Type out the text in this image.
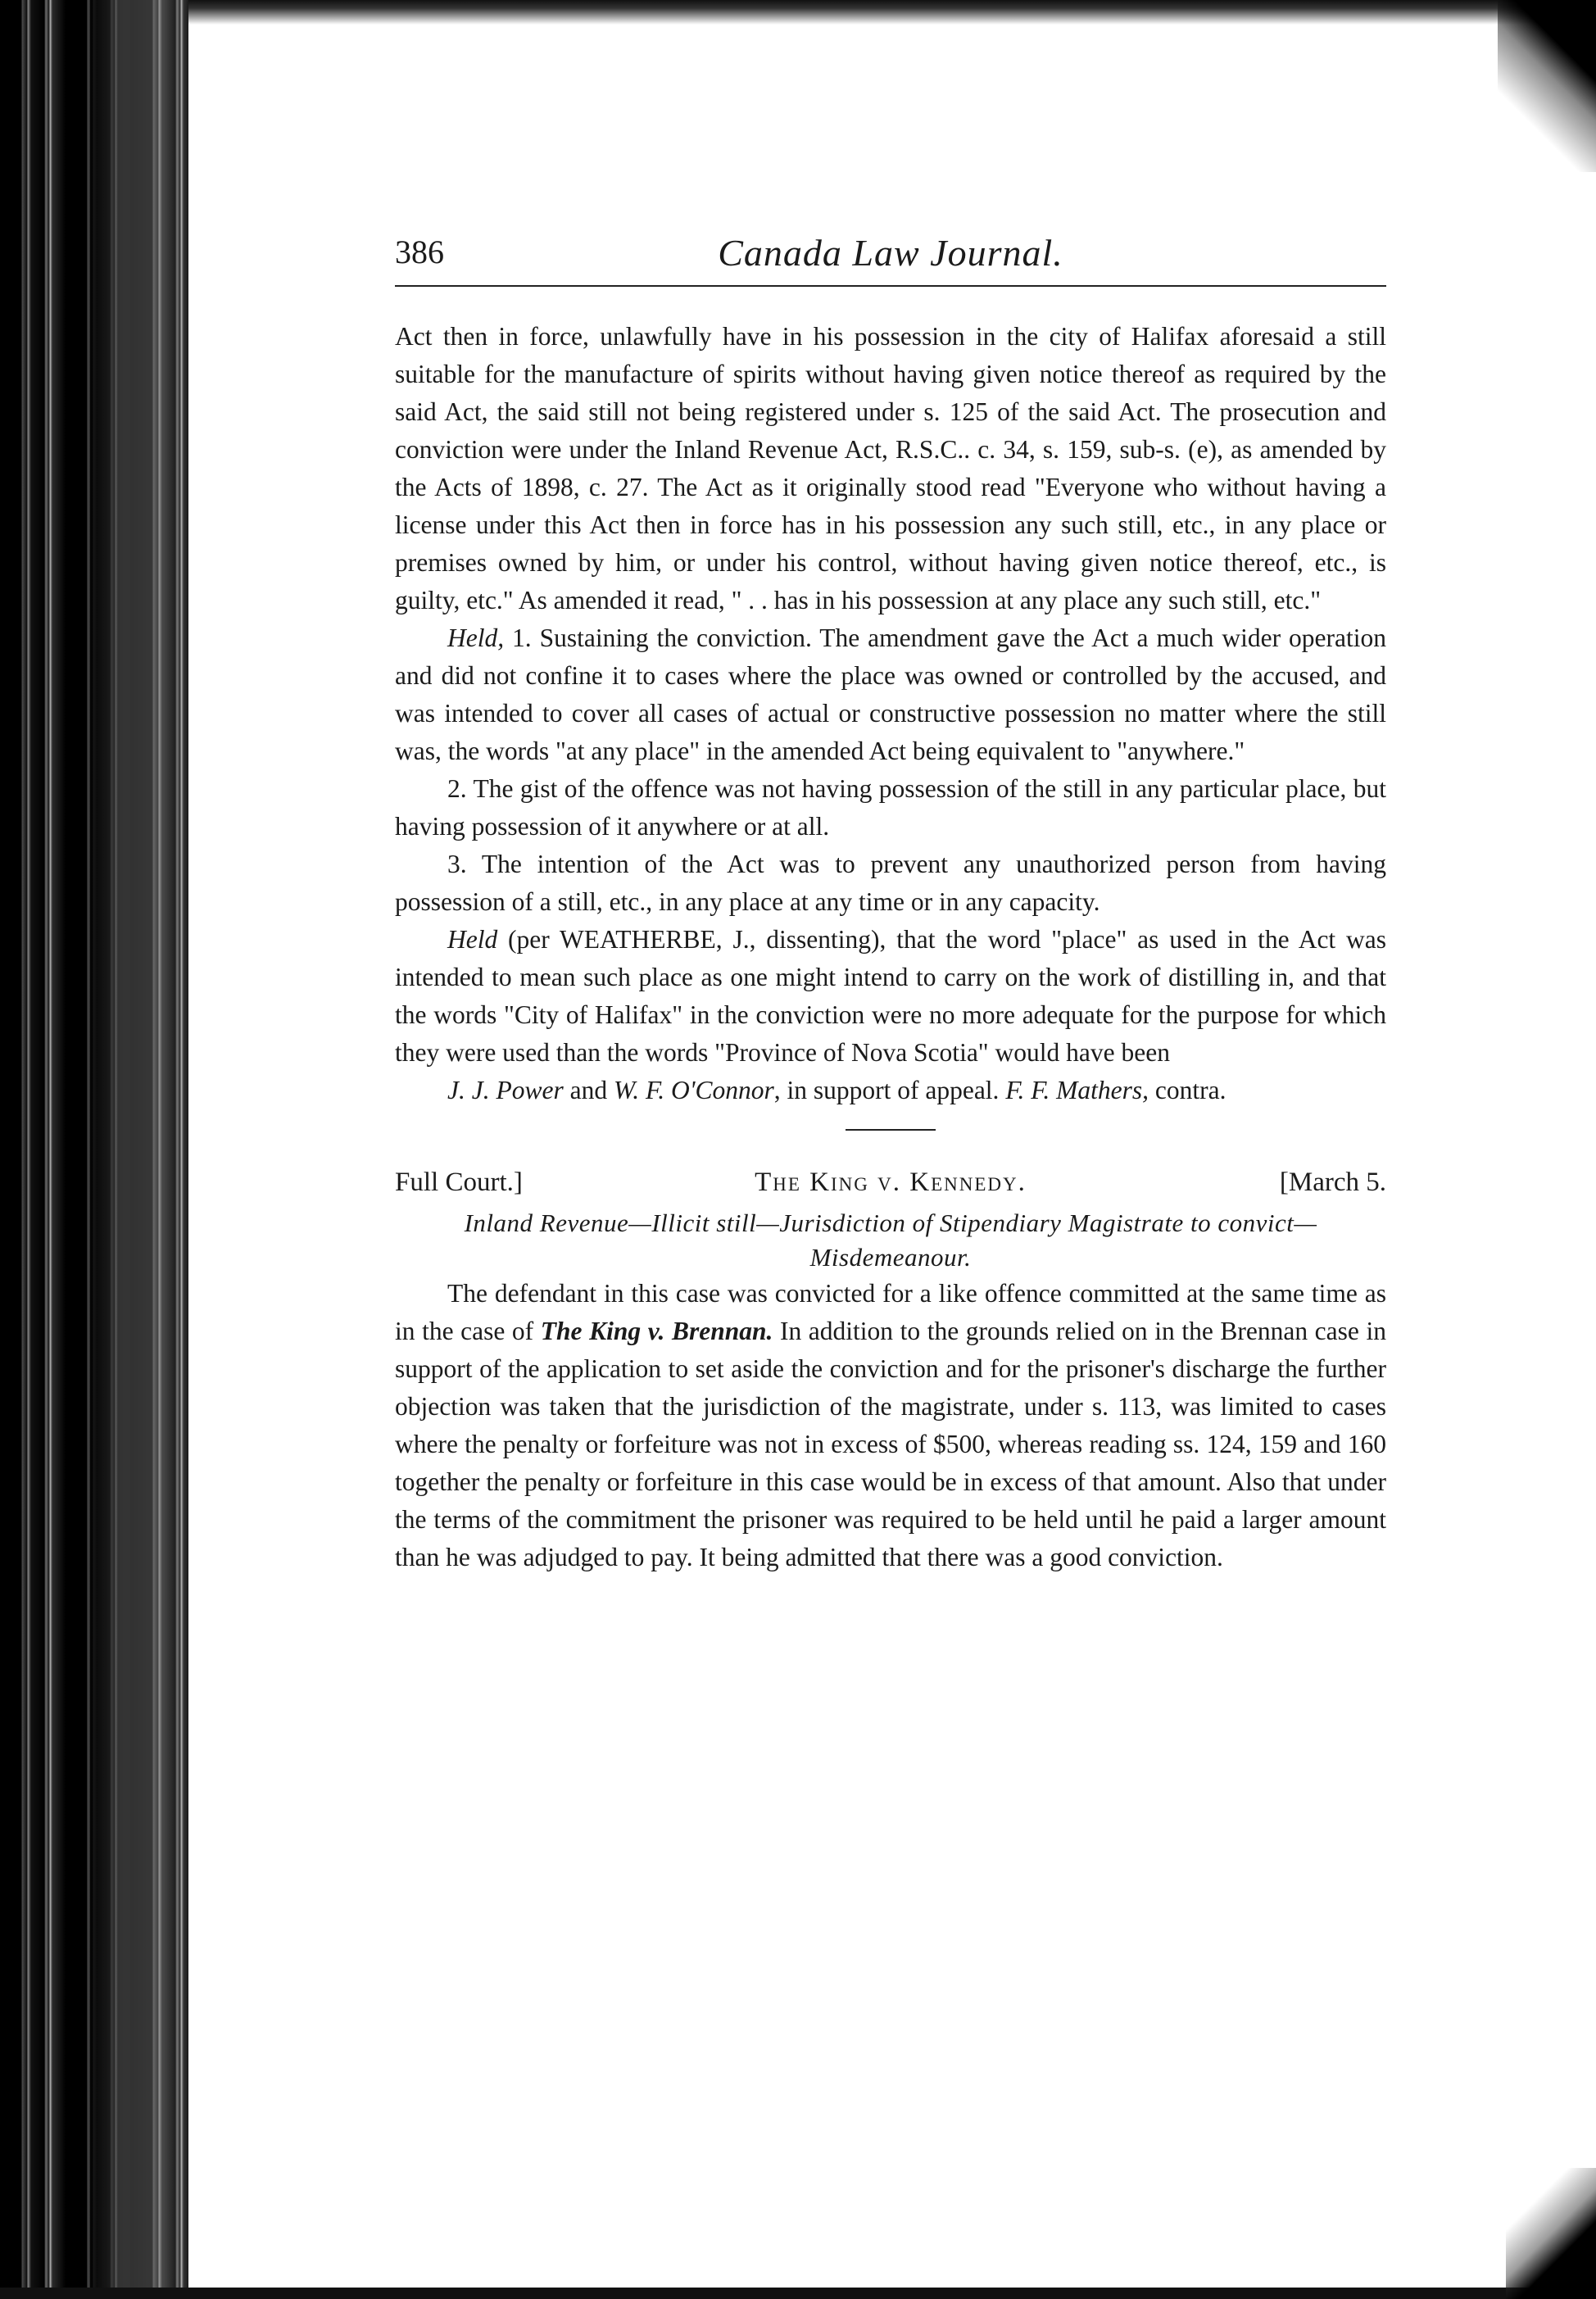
386	Canada Law Journal.

Act then in force, unlawfully have in his possession in the city of Halifax aforesaid a still suitable for the manufacture of spirits without having given notice thereof as required by the said Act, the said still not being registered under s. 125 of the said Act. The prosecution and conviction were under the Inland Revenue Act, R.S.C.. c. 34, s. 159, sub-s. (e), as amended by the Acts of 1898, c. 27. The Act as it originally stood read "Everyone who without having a license under this Act then in force has in his possession any such still, etc., in any place or premises owned by him, or under his control, without having given notice thereof, etc., is guilty, etc." As amended it read, " . . has in his possession at any place any such still, etc."

Held, 1. Sustaining the conviction. The amendment gave the Act a much wider operation and did not confine it to cases where the place was owned or controlled by the accused, and was intended to cover all cases of actual or constructive possession no matter where the still was, the words "at any place" in the amended Act being equivalent to "anywhere."

2. The gist of the offence was not having possession of the still in any particular place, but having possession of it anywhere or at all.

3. The intention of the Act was to prevent any unauthorized person from having possession of a still, etc., in any place at any time or in any capacity.

Held (per WEATHERBE, J., dissenting), that the word "place" as used in the Act was intended to mean such place as one might intend to carry on the work of distilling in, and that the words "City of Halifax" in the conviction were no more adequate for the purpose for which they were used than the words "Province of Nova Scotia" would have been

J. J. Power and W. F. O'Connor, in support of appeal. F. F. Mathers, contra.

Full Court.]	The King v. Kennedy.	[March 5.

Inland Revenue—Illicit still—Jurisdiction of Stipendiary Magistrate to convict—Misdemeanour.

The defendant in this case was convicted for a like offence committed at the same time as in the case of The King v. Brennan. In addition to the grounds relied on in the Brennan case in support of the application to set aside the conviction and for the prisoner's discharge the further objection was taken that the jurisdiction of the magistrate, under s. 113, was limited to cases where the penalty or forfeiture was not in excess of $500, whereas reading ss. 124, 159 and 160 together the penalty or forfeiture in this case would be in excess of that amount. Also that under the terms of the commitment the prisoner was required to be held until he paid a larger amount than he was adjudged to pay. It being admitted that there was a good conviction.
